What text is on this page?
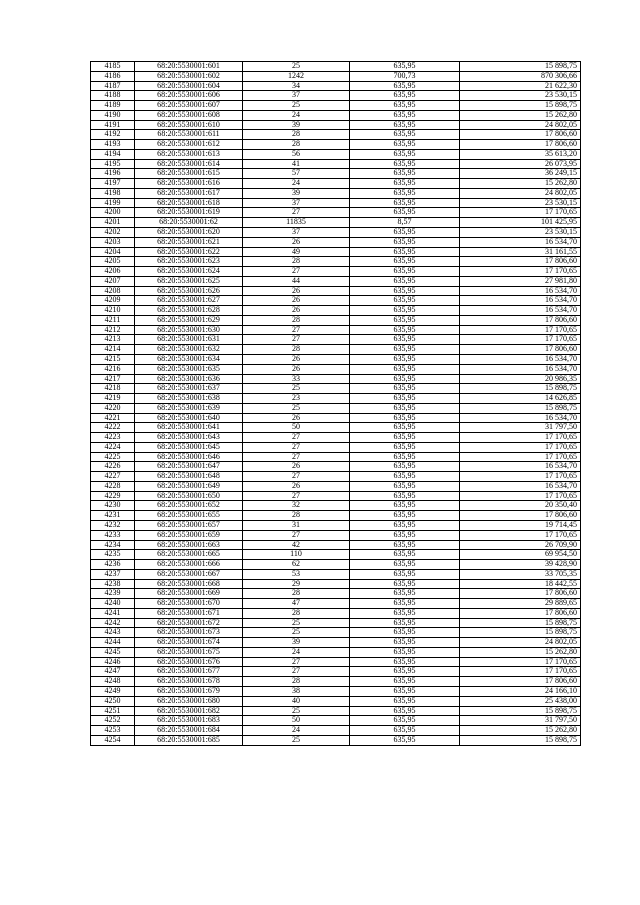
4185	68:20:5530001:601	25	635,95	15 898,75
4186	68:20:5530001:602	1242	700,73	870 306,66
4187	68:20:5530001:604	34	635,95	21 622,30
4188	68:20:5530001:606	37	635,95	23 530,15
4189	68:20:5530001:607	25	635,95	15 898,75
4190	68:20:5530001:608	24	635,95	15 262,80
4191	68:20:5530001:610	39	635,95	24 802,05
4192	68:20:5530001:611	28	635,95	17 806,60
4193	68:20:5530001:612	28	635,95	17 806,60
4194	68:20:5530001:613	56	635,95	35 613,20
4195	68:20:5530001:614	41	635,95	26 073,95
4196	68:20:5530001:615	57	635,95	36 249,15
4197	68:20:5530001:616	24	635,95	15 262,80
4198	68:20:5530001:617	39	635,95	24 802,05
4199	68:20:5530001:618	37	635,95	23 530,15
4200	68:20:5530001:619	27	635,95	17 170,65
4201	68:20:5530001:62	11835	8,57	101 425,95
4202	68:20:5530001:620	37	635,95	23 530,15
4203	68:20:5530001:621	26	635,95	16 534,70
4204	68:20:5530001:622	49	635,95	31 161,55
4205	68:20:5530001:623	28	635,95	17 806,60
4206	68:20:5530001:624	27	635,95	17 170,65
4207	68:20:5530001:625	44	635,95	27 981,80
4208	68:20:5530001:626	26	635,95	16 534,70
4209	68:20:5530001:627	26	635,95	16 534,70
4210	68:20:5530001:628	26	635,95	16 534,70
4211	68:20:5530001:629	28	635,95	17 806,60
4212	68:20:5530001:630	27	635,95	17 170,65
4213	68:20:5530001:631	27	635,95	17 170,65
4214	68:20:5530001:632	28	635,95	17 806,60
4215	68:20:5530001:634	26	635,95	16 534,70
4216	68:20:5530001:635	26	635,95	16 534,70
4217	68:20:5530001:636	33	635,95	20 986,35
4218	68:20:5530001:637	25	635,95	15 898,75
4219	68:20:5530001:638	23	635,95	14 626,85
4220	68:20:5530001:639	25	635,95	15 898,75
4221	68:20:5530001:640	26	635,95	16 534,70
4222	68:20:5530001:641	50	635,95	31 797,50
4223	68:20:5530001:643	27	635,95	17 170,65
4224	68:20:5530001:645	27	635,95	17 170,65
4225	68:20:5530001:646	27	635,95	17 170,65
4226	68:20:5530001:647	26	635,95	16 534,70
4227	68:20:5530001:648	27	635,95	17 170,65
4228	68:20:5530001:649	26	635,95	16 534,70
4229	68:20:5530001:650	27	635,95	17 170,65
4230	68:20:5530001:652	32	635,95	20 350,40
4231	68:20:5530001:655	28	635,95	17 806,60
4232	68:20:5530001:657	31	635,95	19 714,45
4233	68:20:5530001:659	27	635,95	17 170,65
4234	68:20:5530001:663	42	635,95	26 709,90
4235	68:20:5530001:665	110	635,95	69 954,50
4236	68:20:5530001:666	62	635,95	39 428,90
4237	68:20:5530001:667	53	635,95	33 705,35
4238	68:20:5530001:668	29	635,95	18 442,55
4239	68:20:5530001:669	28	635,95	17 806,60
4240	68:20:5530001:670	47	635,95	29 889,65
4241	68:20:5530001:671	28	635,95	17 806,60
4242	68:20:5530001:672	25	635,95	15 898,75
4243	68:20:5530001:673	25	635,95	15 898,75
4244	68:20:5530001:674	39	635,95	24 802,05
4245	68:20:5530001:675	24	635,95	15 262,80
4246	68:20:5530001:676	27	635,95	17 170,65
4247	68:20:5530001:677	27	635,95	17 170,65
4248	68:20:5530001:678	28	635,95	17 806,60
4249	68:20:5530001:679	38	635,95	24 166,10
4250	68:20:5530001:680	40	635,95	25 438,00
4251	68:20:5530001:682	25	635,95	15 898,75
4252	68:20:5530001:683	50	635,95	31 797,50
4253	68:20:5530001:684	24	635,95	15 262,80
4254	68:20:5530001:685	25	635,95	15 898,75
